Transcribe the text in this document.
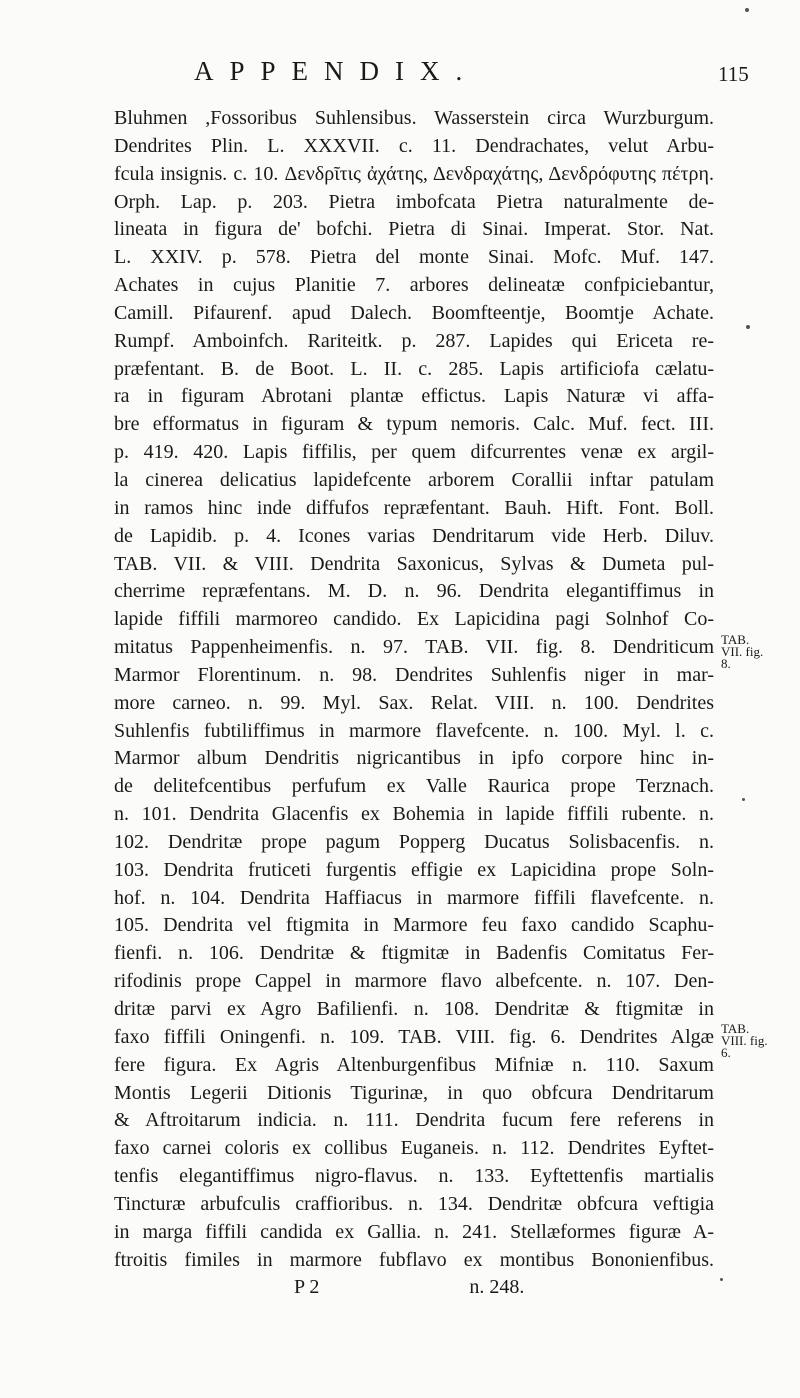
APPENDIX.	115
Bluhmen ,Fossoribus Suhlensibus. Wasserstein circa Wurzburgum.
Dendrites Plin. L. XXXVII. c. 11. Dendrachates, velut Arbu-
fcula insignis. c. 10. Δενδρῖτις ἀχάτης, Δενδραχάτης, Δενδρόφυτης πέτρη.
Orph. Lap. p. 203. Pietra imbofcata Pietra naturalmente de-
lineata in figura de' bofchi. Pietra di Sinai. Imperat. Stor. Nat.
L. XXIV. p. 578. Pietra del monte Sinai. Mofc. Muf. 147.
Achates in cujus Planitie 7. arbores delineatæ confpiciebantur,
Camill. Pifaurenf. apud Dalech. Boomfteentje, Boomtje Achate.
Rumpf. Amboinfch. Rariteitk. p. 287. Lapides qui Ericeta re-
præfentant. B. de Boot. L. II. c. 285. Lapis artificiofa cælatu-
ra in figuram Abrotani plantæ effictus. Lapis Naturæ vi affa-
bre efformatus in figuram & typum nemoris. Calc. Muf. fect. III.
p. 419. 420. Lapis fiffilis, per quem difcurrentes venæ ex argil-
la cinerea delicatius lapidefcente arborem Corallii inftar patulam
in ramos hinc inde diffufos repræfentant. Bauh. Hift. Font. Boll.
de Lapidib. p. 4. Icones varias Dendritarum vide Herb. Diluv.
TAB. VII. & VIII. Dendrita Saxonicus, Sylvas & Dumeta pul-
cherrime repræfentans. M. D. n. 96. Dendrita elegantiffimus in
lapide fiffili marmoreo candido. Ex Lapicidina pagi Solnhof Co-
mitatus Pappenheimenfis. n. 97. TAB. VII. fig. 8. Dendriticum
Marmor Florentinum. n. 98. Dendrites Suhlenfis niger in mar-
more carneo. n. 99. Myl. Sax. Relat. VIII. n. 100. Dendrites
Suhlenfis fubtiliffimus in marmore flavefcente. n. 100. Myl. l. c.
Marmor album Dendritis nigricantibus in ipfo corpore hinc in-
de delitefcentibus perfufum ex Valle Raurica prope Terznach.
n. 101. Dendrita Glacenfis ex Bohemia in lapide fiffili rubente. n.
102. Dendritæ prope pagum Popperg Ducatus Solisbacenfis. n.
103. Dendrita fruticeti furgentis effigie ex Lapicidina prope Soln-
hof. n. 104. Dendrita Haffiacus in marmore fiffili flavefcente. n.
105. Dendrita vel ftigmita in Marmore feu faxo candido Scaphu-
fienfi. n. 106. Dendritæ & ftigmitæ in Badenfis Comitatus Fer-
rifodinis prope Cappel in marmore flavo albefcente. n. 107. Den-
dritæ parvi ex Agro Bafilienfi. n. 108. Dendritæ & ftigmitæ in
faxo fiffili Oningenfi. n. 109. TAB. VIII. fig. 6. Dendrites Algæ
fere figura. Ex Agris Altenburgenfibus Mifniæ n. 110. Saxum
Montis Legerii Ditionis Tigurinæ, in quo obfcura Dendritarum
& Aftroitarum indicia. n. 111. Dendrita fucum fere referens in
faxo carnei coloris ex collibus Euganeis. n. 112. Dendrites Eyftet-
tenfis elegantiffimus nigro-flavus. n. 133. Eyftettenfis martialis
Tincturæ arbufculis craffioribus. n. 134. Dendritæ obfcura veftigia
in marga fiffili candida ex Gallia. n. 241. Stellæformes figuræ A-
ftroitis fimiles in marmore fubflavo ex montibus Bononienfibus.
P 2	n. 248.
TAB.
VII. fig.
8.
TAB.
VIII. fig.
6.
